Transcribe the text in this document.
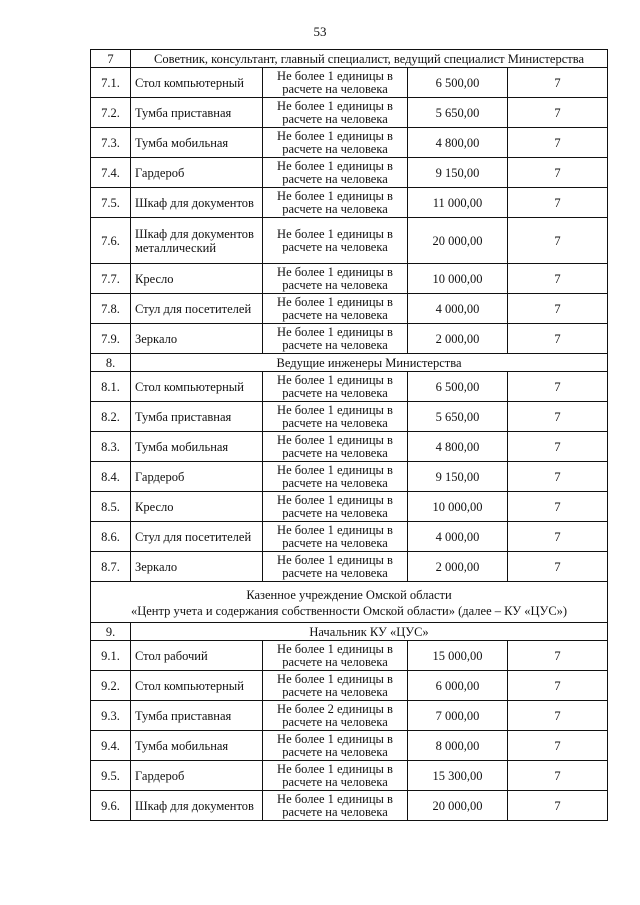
53
7	Советник, консультант, главный специалист, ведущий специалист Министерства			
7.1.	Стол компьютерный	Не более 1 единицы в расчете на человека	6 500,00	7
7.2.	Тумба приставная	Не более 1 единицы в расчете на человека	5 650,00	7
7.3.	Тумба мобильная	Не более 1 единицы в расчете на человека	4 800,00	7
7.4.	Гардероб	Не более 1 единицы в расчете на человека	9 150,00	7
7.5.	Шкаф для документов	Не более 1 единицы в расчете на человека	11 000,00	7
7.6.	Шкаф для документов металлический	Не более 1 единицы в расчете на человека	20 000,00	7
7.7.	Кресло	Не более 1 единицы в расчете на человека	10 000,00	7
7.8.	Стул для посетителей	Не более 1 единицы в расчете на человека	4 000,00	7
7.9.	Зеркало	Не более 1 единицы в расчете на человека	2 000,00	7
8.	Ведущие инженеры Министерства			
8.1.	Стол компьютерный	Не более 1 единицы в расчете на человека	6 500,00	7
8.2.	Тумба приставная	Не более 1 единицы в расчете на человека	5 650,00	7
8.3.	Тумба мобильная	Не более 1 единицы в расчете на человека	4 800,00	7
8.4.	Гардероб	Не более 1 единицы в расчете на человека	9 150,00	7
8.5.	Кресло	Не более 1 единицы в расчете на человека	10 000,00	7
8.6.	Стул для посетителей	Не более 1 единицы в расчете на человека	4 000,00	7
8.7.	Зеркало	Не более 1 единицы в расчете на человека	2 000,00	7

Казенное учреждение Омской области
«Центр учета и содержания собственности Омской области» (далее – КУ «ЦУС»)				

9.	Начальник КУ «ЦУС»			
9.1.	Стол рабочий	Не более 1 единицы в расчете на человека	15 000,00	7
9.2.	Стол компьютерный	Не более 1 единицы в расчете на человека	6 000,00	7
9.3.	Тумба приставная	Не более 2 единицы в расчете на человека	7 000,00	7
9.4.	Тумба мобильная	Не более 1 единицы в расчете на человека	8 000,00	7
9.5.	Гардероб	Не более 1 единицы в расчете на человека	15 300,00	7
9.6.	Шкаф для документов	Не более 1 единицы в расчете на человека	20 000,00	7
